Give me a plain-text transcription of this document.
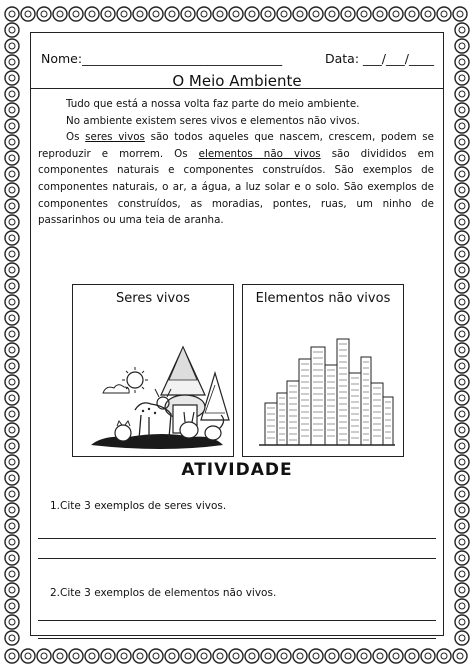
Nome:________________________________	Data: ___/___/____
O Meio Ambiente

Tudo que está a nossa volta faz parte do meio ambiente.

No ambiente existem seres vivos e elementos não vivos.

Os seres vivos são todos aqueles que nascem, crescem, podem se reproduzir e morrem. Os elementos não vivos são divididos em componentes naturais e componentes construídos. São exemplos de componentes naturais, o ar, a água, a luz solar e o solo. São exemplos de componentes construídos, as moradias, pontes, ruas, um ninho de passarinhos ou uma teia de aranha.

Seres vivos	Elementos não vivos
ATIVIDADE
1.Cite 3 exemplos de seres vivos.
2.Cite 3 exemplos de elementos não vivos.
